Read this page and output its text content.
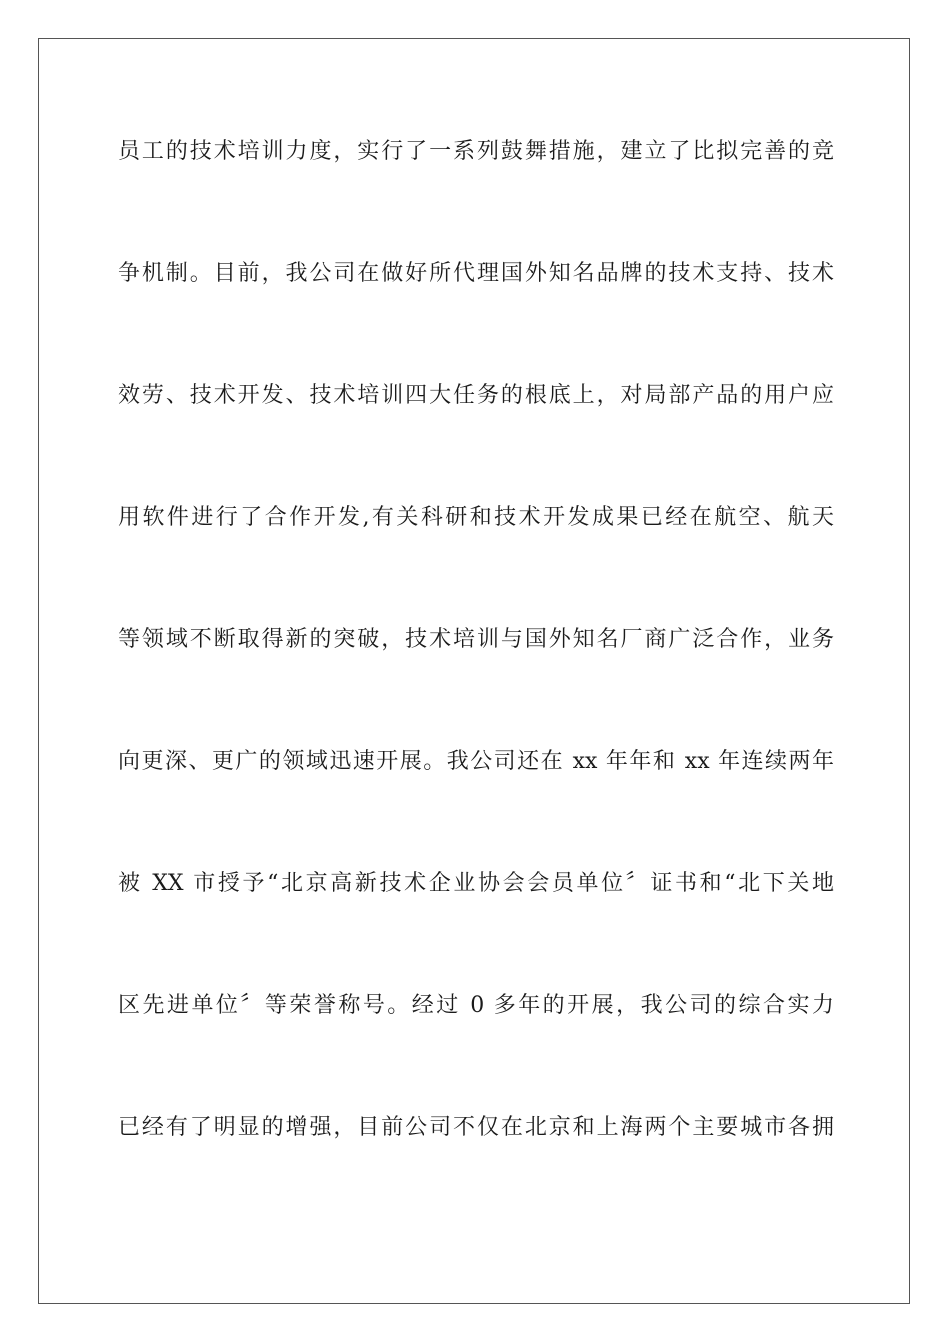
员工的技术培训力度，实行了一系列鼓舞措施，建立了比拟完善的竞
争机制。目前，我公司在做好所代理国外知名品牌的技术支持、技术
效劳、技术开发、技术培训四大任务的根底上，对局部产品的用户应
用软件进行了合作开发,有关科研和技术开发成果已经在航空、航天
等领域不断取得新的突破，技术培训与国外知名厂商广泛合作，业务
向更深、更广的领域迅速开展。我公司还在 xx 年年和 xx 年连续两年
被 XX 市授予“北京高新技术企业协会会员单位〞证书和“北下关地
区先进单位〞等荣誉称号。经过 0 多年的开展，我公司的综合实力
已经有了明显的增强，目前公司不仅在北京和上海两个主要城市各拥
